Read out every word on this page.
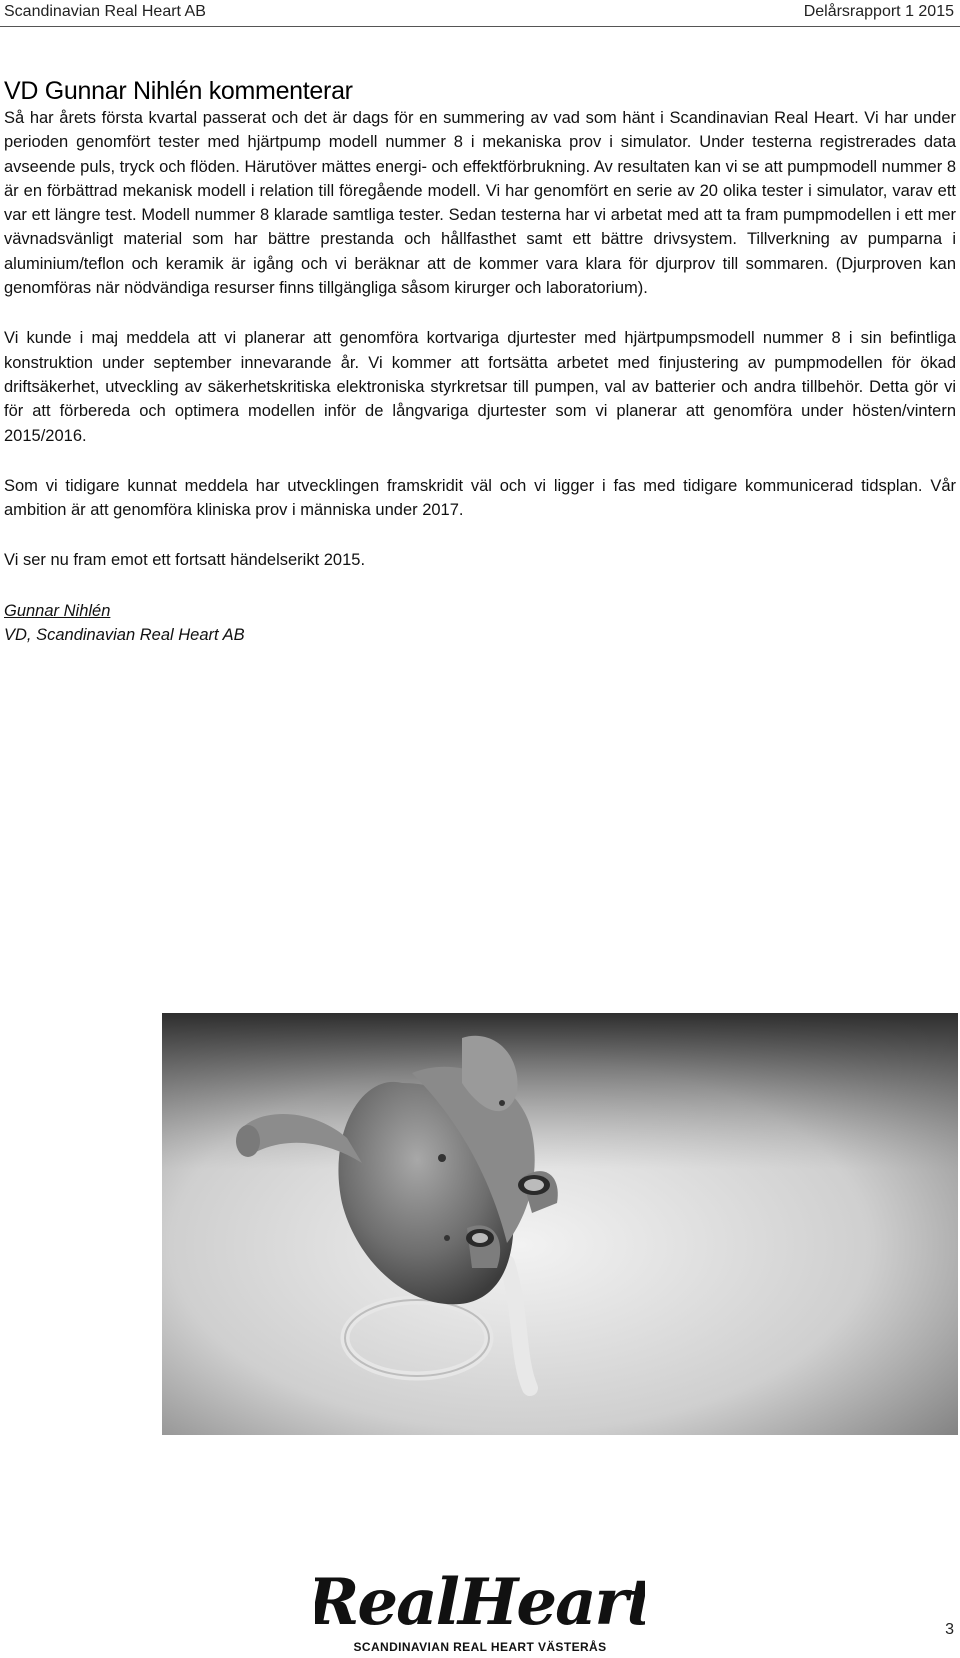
Scandinavian Real Heart AB	Delårsrapport 1 2015
VD Gunnar Nihlén kommenterar

Så har årets första kvartal passerat och det är dags för en summering av vad som hänt i Scandinavian Real Heart. Vi har under perioden genomfört tester med hjärtpump modell nummer 8 i mekaniska prov i simulator. Under testerna registrerades data avseende puls, tryck och flöden. Härutöver mättes energi- och effektförbrukning. Av resultaten kan vi se att pumpmodell nummer 8 är en förbättrad mekanisk modell i relation till föregående modell. Vi har genomfört en serie av 20 olika tester i simulator, varav ett var ett längre test. Modell nummer 8 klarade samtliga tester. Sedan testerna har vi arbetat med att ta fram pumpmodellen i ett mer vävnadsvänligt material som har bättre prestanda och hållfasthet samt ett bättre drivsystem. Tillverkning av pumparna i aluminium/teflon och keramik är igång och vi beräknar att de kommer vara klara för djurprov till sommaren. (Djurproven kan genomföras när nödvändiga resurser finns tillgängliga såsom kirurger och laboratorium).

Vi kunde i maj meddela att vi planerar att genomföra kortvariga djurtester med hjärtpumpsmodell nummer 8 i sin befintliga konstruktion under september innevarande år. Vi kommer att fortsätta arbetet med finjustering av pumpmodellen för ökad driftsäkerhet, utveckling av säkerhetskritiska elektroniska styrkretsar till pumpen, val av batterier och andra tillbehör. Detta gör vi för att förbereda och optimera modellen inför de långvariga djurtester som vi planerar att genomföra under hösten/vintern 2015/2016.

Som vi tidigare kunnat meddela har utvecklingen framskridit väl och vi ligger i fas med tidigare kommunicerad tidsplan. Vår ambition är att genomföra kliniska prov i människa under 2017.

Vi ser nu fram emot ett fortsatt händelserikt 2015.

Gunnar Nihlén
VD, Scandinavian Real Heart AB
RealHeart
SCANDINAVIAN REAL HEART VÄSTERÅS
3
